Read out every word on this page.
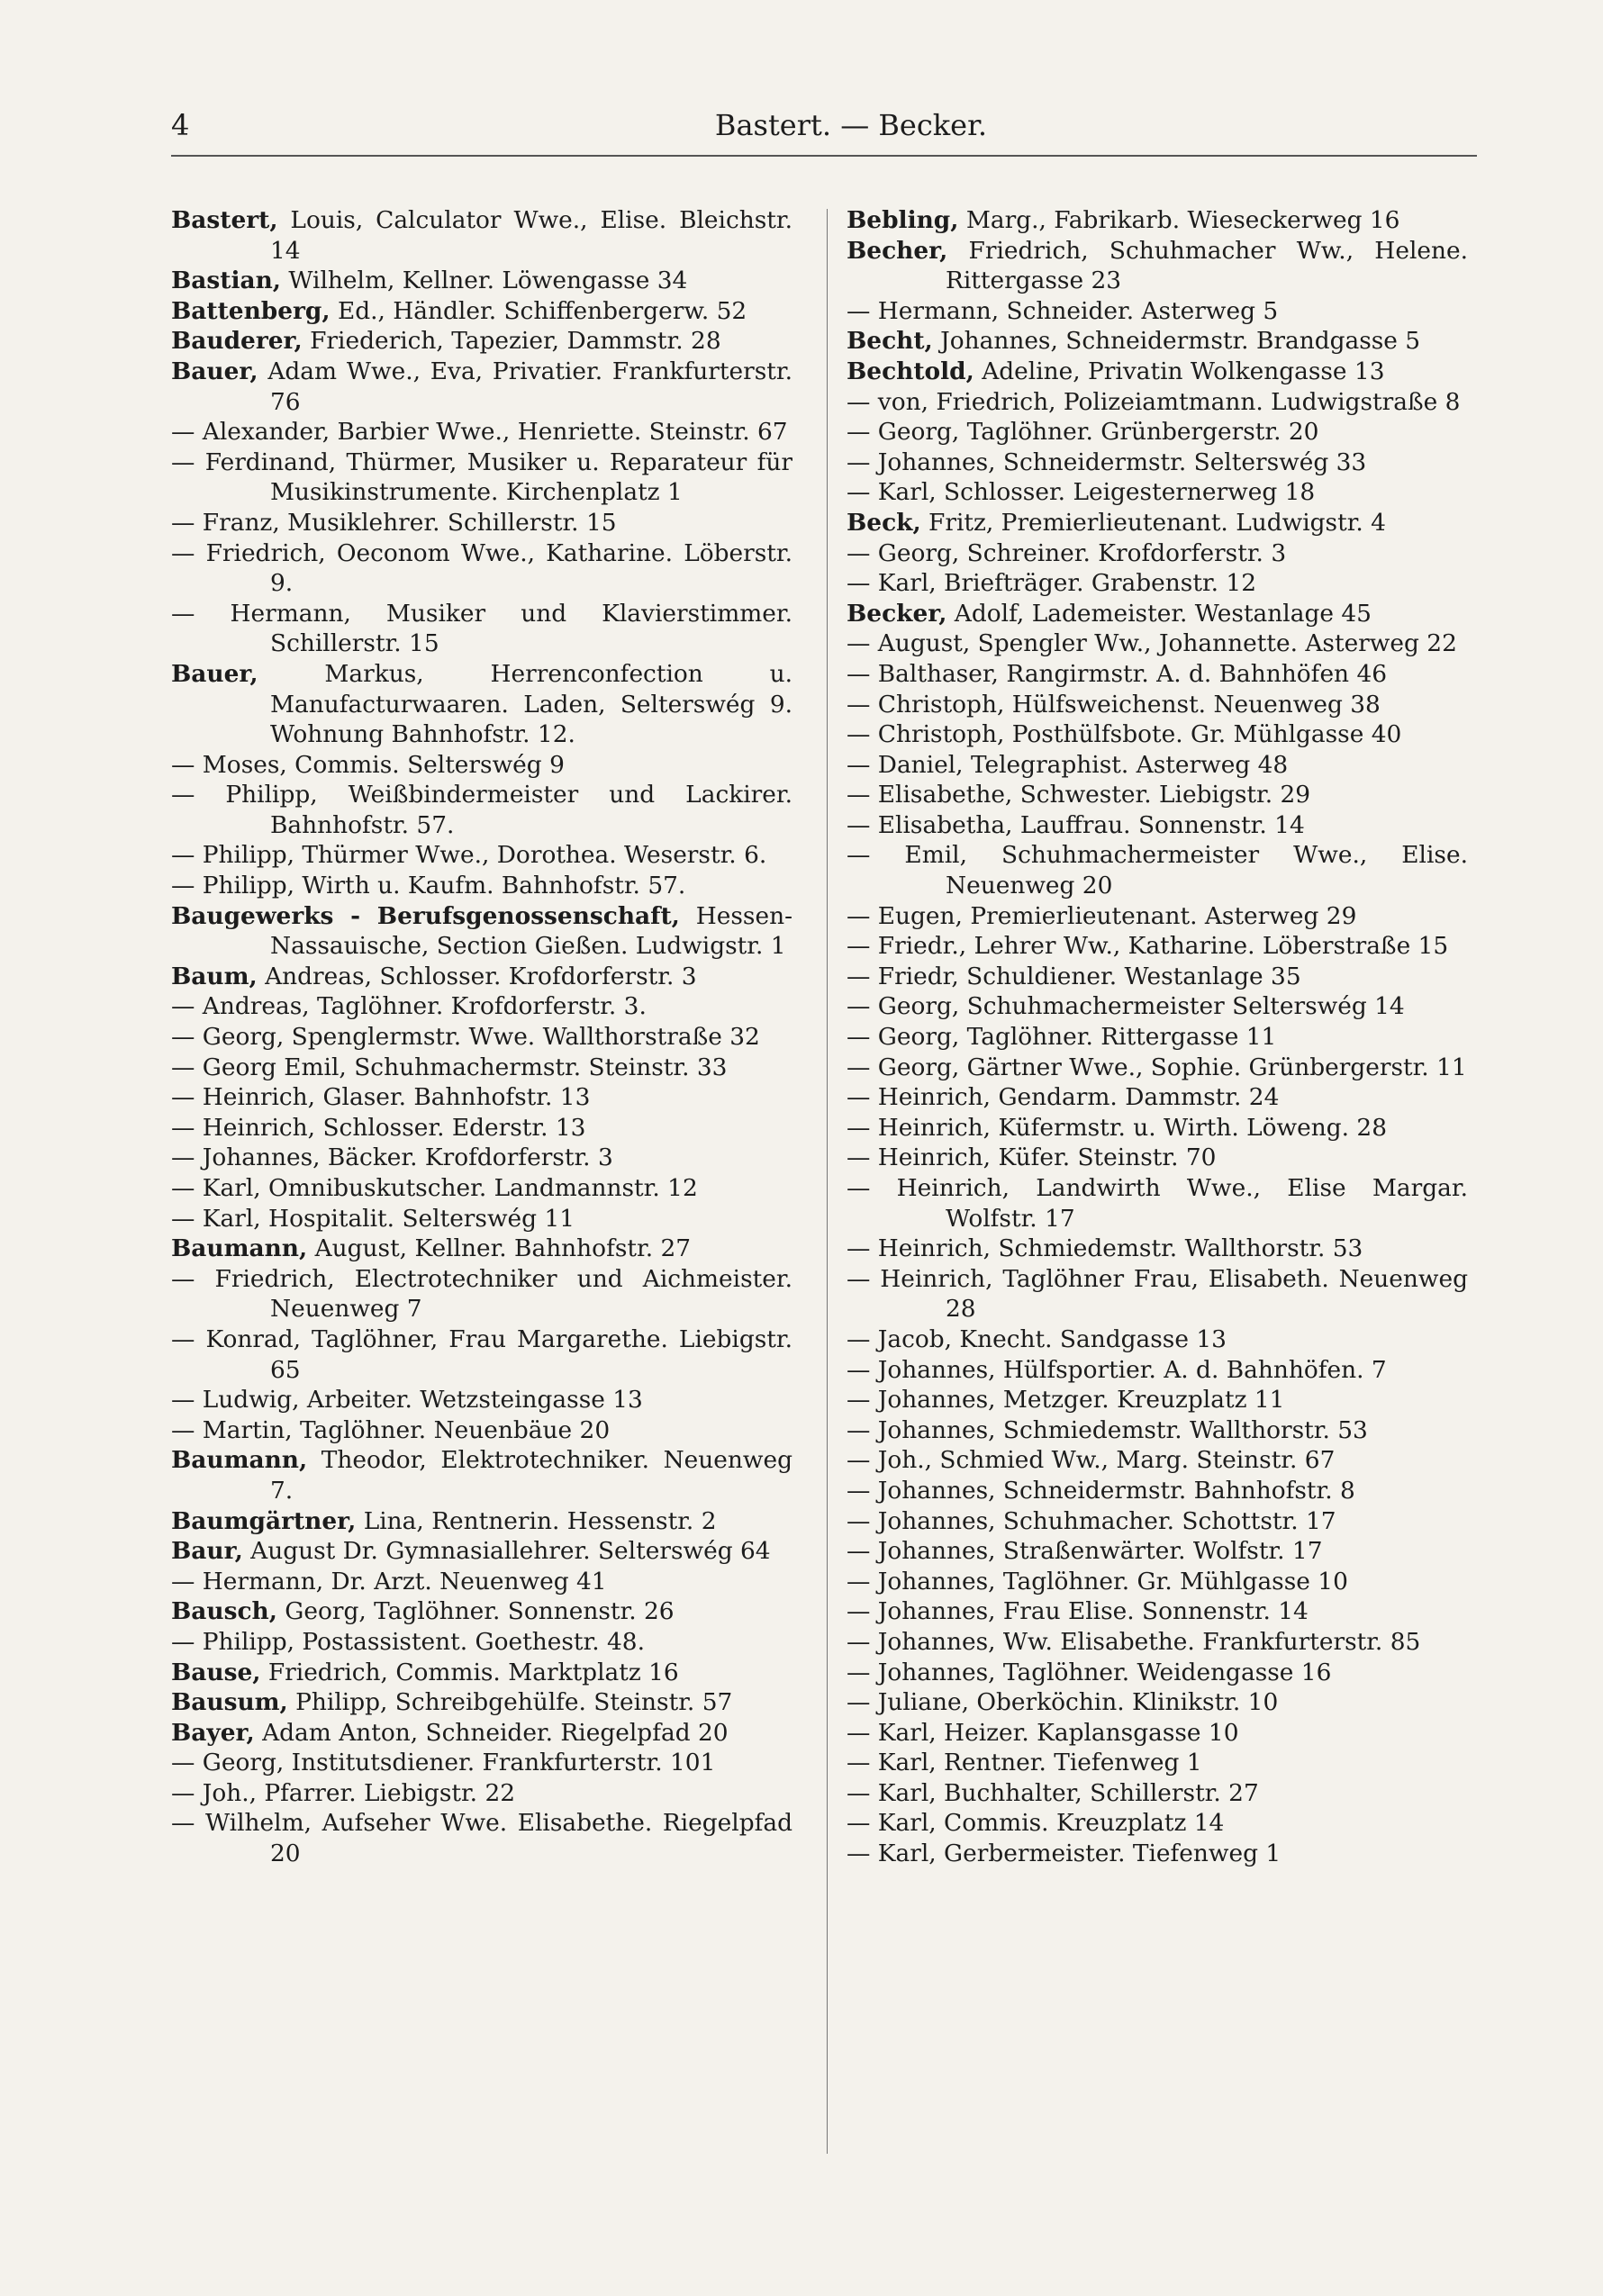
4	Bastert. — Becker.

Bastert, Louis, Calculator Wwe., Elise. Bleichstr. 14

Bastian, Wilhelm, Kellner. Löwengasse 34

Battenberg, Ed., Händler. Schiffenbergerw. 52

Bauderer, Friederich, Tapezier, Dammstr. 28

Bauer, Adam Wwe., Eva, Privatier. Frankfurterstr. 76

— Alexander, Barbier Wwe., Henriette. Steinstr. 67

— Ferdinand, Thürmer, Musiker u. Reparateur für Musikinstrumente. Kirchenplatz 1

— Franz, Musiklehrer. Schillerstr. 15

— Friedrich, Oeconom Wwe., Katharine. Löberstr. 9.

— Hermann, Musiker und Klavierstimmer. Schillerstr. 15

Bauer, Markus, Herrenconfection u. Manufacturwaaren. Laden, Selterswég 9. Wohnung Bahnhofstr. 12.

— Moses, Commis. Selterswég 9

— Philipp, Weißbindermeister und Lackirer. Bahnhofstr. 57.

— Philipp, Thürmer Wwe., Dorothea. Weserstr. 6.

— Philipp, Wirth u. Kaufm. Bahnhofstr. 57.

Baugewerks - Berufsgenossenschaft, Hessen-Nassauische, Section Gießen. Ludwigstr. 1

Baum, Andreas, Schlosser. Krofdorferstr. 3

— Andreas, Taglöhner. Krofdorferstr. 3.

— Georg, Spenglermstr. Wwe. Wallthorstraße 32

— Georg Emil, Schuhmachermstr. Steinstr. 33

— Heinrich, Glaser. Bahnhofstr. 13

— Heinrich, Schlosser. Ederstr. 13

— Johannes, Bäcker. Krofdorferstr. 3

— Karl, Omnibuskutscher. Landmannstr. 12

— Karl, Hospitalit. Selterswég 11

Baumann, August, Kellner. Bahnhofstr. 27

— Friedrich, Electrotechniker und Aichmeister. Neuenweg 7

— Konrad, Taglöhner, Frau Margarethe. Liebigstr. 65

— Ludwig, Arbeiter. Wetzsteingasse 13

— Martin, Taglöhner. Neuenbäue 20

Baumann, Theodor, Elektrotechniker. Neuenweg 7.

Baumgärtner, Lina, Rentnerin. Hessenstr. 2

Baur, August Dr. Gymnasiallehrer. Selterswég 64

— Hermann, Dr. Arzt. Neuenweg 41

Bausch, Georg, Taglöhner. Sonnenstr. 26

— Philipp, Postassistent. Goethestr. 48.

Bause, Friedrich, Commis. Marktplatz 16

Bausum, Philipp, Schreibgehülfe. Steinstr. 57

Bayer, Adam Anton, Schneider. Riegelpfad 20

— Georg, Institutsdiener. Frankfurterstr. 101

— Joh., Pfarrer. Liebigstr. 22

— Wilhelm, Aufseher Wwe. Elisabethe. Riegelpfad 20

Bebling, Marg., Fabrikarb. Wieseckerweg 16

Becher, Friedrich, Schuhmacher Ww., Helene. Rittergasse 23

— Hermann, Schneider. Asterweg 5

Becht, Johannes, Schneidermstr. Brandgasse 5

Bechtold, Adeline, Privatin Wolkengasse 13

— von, Friedrich, Polizeiamtmann. Ludwigstraße 8

— Georg, Taglöhner. Grünbergerstr. 20

— Johannes, Schneidermstr. Selterswég 33

— Karl, Schlosser. Leigesternerweg 18

Beck, Fritz, Premierlieutenant. Ludwigstr. 4

— Georg, Schreiner. Krofdorferstr. 3

— Karl, Briefträger. Grabenstr. 12

Becker, Adolf, Lademeister. Westanlage 45

— August, Spengler Ww., Johannette. Asterweg 22

— Balthaser, Rangirmstr. A. d. Bahnhöfen 46

— Christoph, Hülfsweichenst. Neuenweg 38

— Christoph, Posthülfsbote. Gr. Mühlgasse 40

— Daniel, Telegraphist. Asterweg 48

— Elisabethe, Schwester. Liebigstr. 29

— Elisabetha, Lauffrau. Sonnenstr. 14

— Emil, Schuhmachermeister Wwe., Elise. Neuenweg 20

— Eugen, Premierlieutenant. Asterweg 29

— Friedr., Lehrer Ww., Katharine. Löberstraße 15

— Friedr, Schuldiener. Westanlage 35

— Georg, Schuhmachermeister Selterswég 14

— Georg, Taglöhner. Rittergasse 11

— Georg, Gärtner Wwe., Sophie. Grünbergerstr. 11

— Heinrich, Gendarm. Dammstr. 24

— Heinrich, Küfermstr. u. Wirth. Löweng. 28

— Heinrich, Küfer. Steinstr. 70

— Heinrich, Landwirth Wwe., Elise Margar. Wolfstr. 17

— Heinrich, Schmiedemstr. Wallthorstr. 53

— Heinrich, Taglöhner Frau, Elisabeth. Neuenweg 28

— Jacob, Knecht. Sandgasse 13

— Johannes, Hülfsportier. A. d. Bahnhöfen. 7

— Johannes, Metzger. Kreuzplatz 11

— Johannes, Schmiedemstr. Wallthorstr. 53

— Joh., Schmied Ww., Marg. Steinstr. 67

— Johannes, Schneidermstr. Bahnhofstr. 8

— Johannes, Schuhmacher. Schottstr. 17

— Johannes, Straßenwärter. Wolfstr. 17

— Johannes, Taglöhner. Gr. Mühlgasse 10

— Johannes, Frau Elise. Sonnenstr. 14

— Johannes, Ww. Elisabethe. Frankfurterstr. 85

— Johannes, Taglöhner. Weidengasse 16

— Juliane, Oberköchin. Klinikstr. 10

— Karl, Heizer. Kaplansgasse 10

— Karl, Rentner. Tiefenweg 1

— Karl, Buchhalter, Schillerstr. 27

— Karl, Commis. Kreuzplatz 14

— Karl, Gerbermeister. Tiefenweg 1
